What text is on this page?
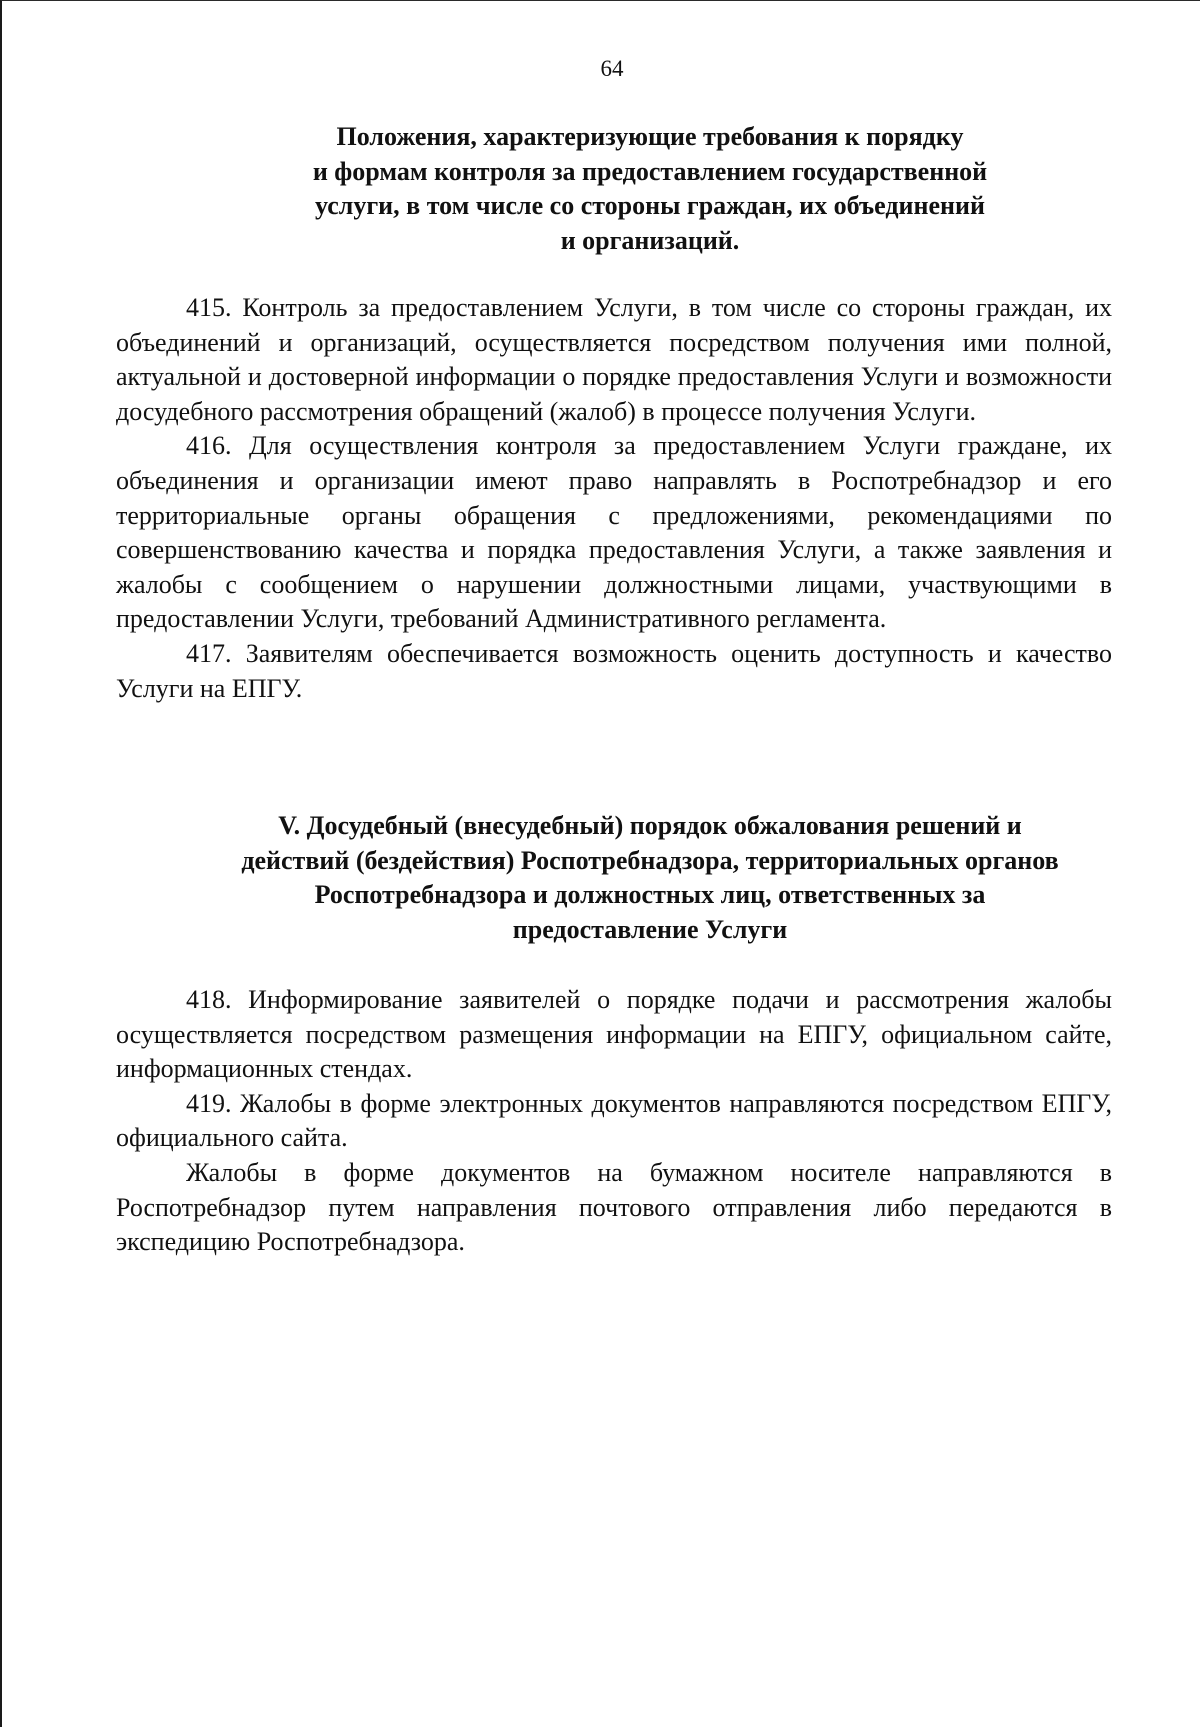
64
Положения, характеризующие требования к порядку
и формам контроля за предоставлением государственной
услуги, в том числе со стороны граждан, их объединений
и организаций.

415. Контроль за предоставлением Услуги, в том числе со стороны граждан, их объединений и организаций, осуществляется посредством получения ими полной, актуальной и достоверной информации о порядке предоставления Услуги и возможности досудебного рассмотрения обращений (жалоб) в процессе получения Услуги.

416. Для осуществления контроля за предоставлением Услуги граждане, их объединения и организации имеют право направлять в Роспотребнадзор и его территориальные органы обращения с предложениями, рекомендациями по совершенствованию качества и порядка предоставления Услуги, а также заявления и жалобы с сообщением о нарушении должностными лицами, участвующими в предоставлении Услуги, требований Административного регламента.

417. Заявителям обеспечивается возможность оценить доступность и качество Услуги на ЕПГУ.

V. Досудебный (внесудебный) порядок обжалования решений и
действий (бездействия) Роспотребнадзора, территориальных органов
Роспотребнадзора и должностных лиц, ответственных за
предоставление Услуги

418. Информирование заявителей о порядке подачи и рассмотрения жалобы осуществляется посредством размещения информации на ЕПГУ, официальном сайте, информационных стендах.

419. Жалобы в форме электронных документов направляются посредством ЕПГУ, официального сайта.

Жалобы в форме документов на бумажном носителе направляются в Роспотребнадзор путем направления почтового отправления либо передаются в экспедицию Роспотребнадзора.
